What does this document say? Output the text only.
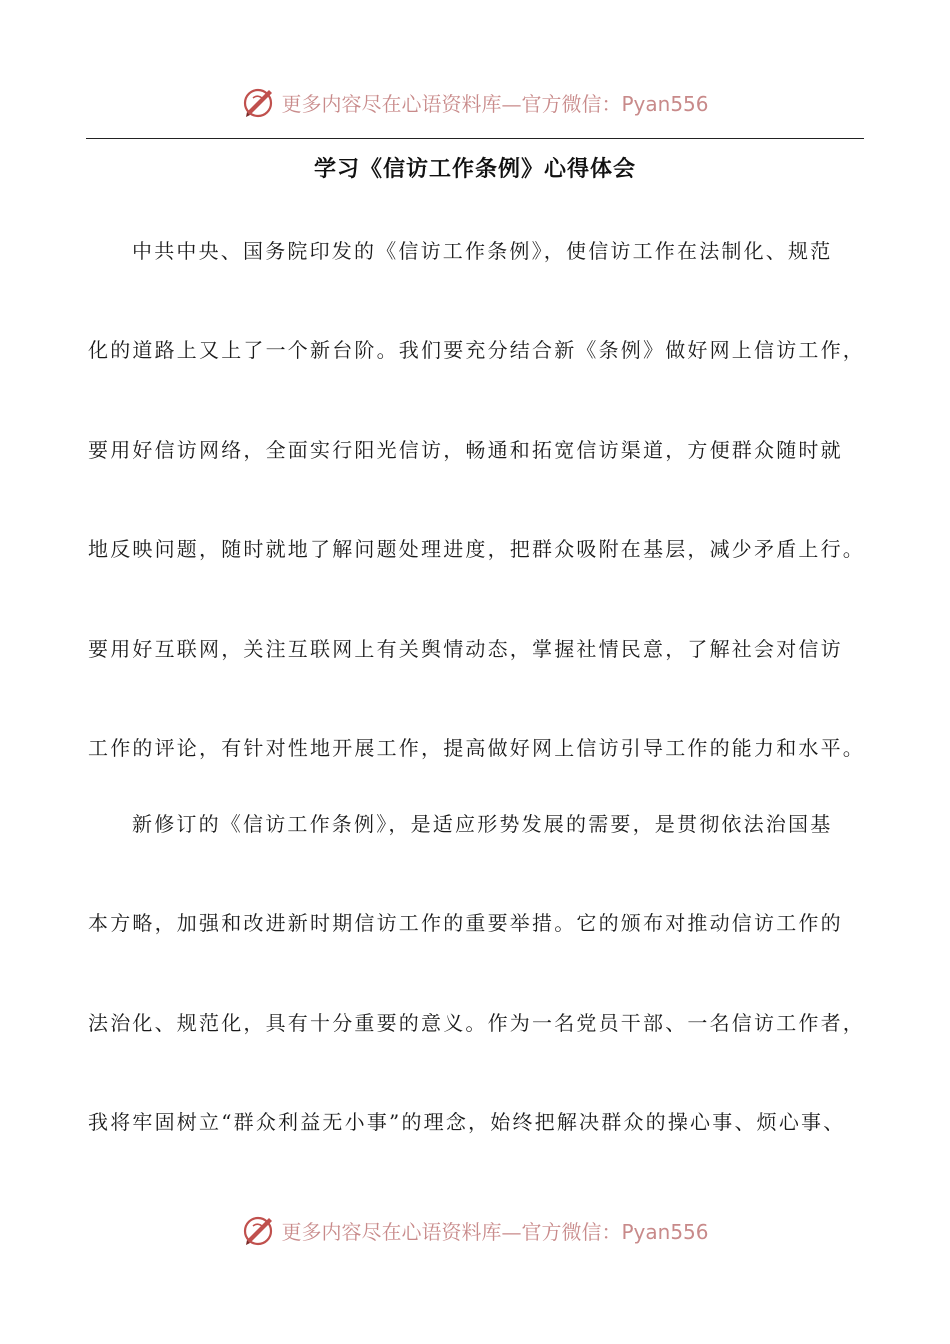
更多内容尽在心语资料库—官方微信：Pyan556
学习《信访工作条例》心得体会
中共中央、国务院印发的《信访工作条例》，使信访工作在法制化、规范
化的道路上又上了一个新台阶。我们要充分结合新《条例》做好网上信访工作，
要用好信访网络，全面实行阳光信访，畅通和拓宽信访渠道，方便群众随时就
地反映问题，随时就地了解问题处理进度，把群众吸附在基层，减少矛盾上行。
要用好互联网，关注互联网上有关舆情动态，掌握社情民意，了解社会对信访
工作的评论，有针对性地开展工作，提高做好网上信访引导工作的能力和水平。
新修订的《信访工作条例》，是适应形势发展的需要，是贯彻依法治国基
本方略，加强和改进新时期信访工作的重要举措。它的颁布对推动信访工作的
法治化、规范化，具有十分重要的意义。作为一名党员干部、一名信访工作者，
我将牢固树立“群众利益无小事”的理念，始终把解决群众的操心事、烦心事、
更多内容尽在心语资料库—官方微信：Pyan556
